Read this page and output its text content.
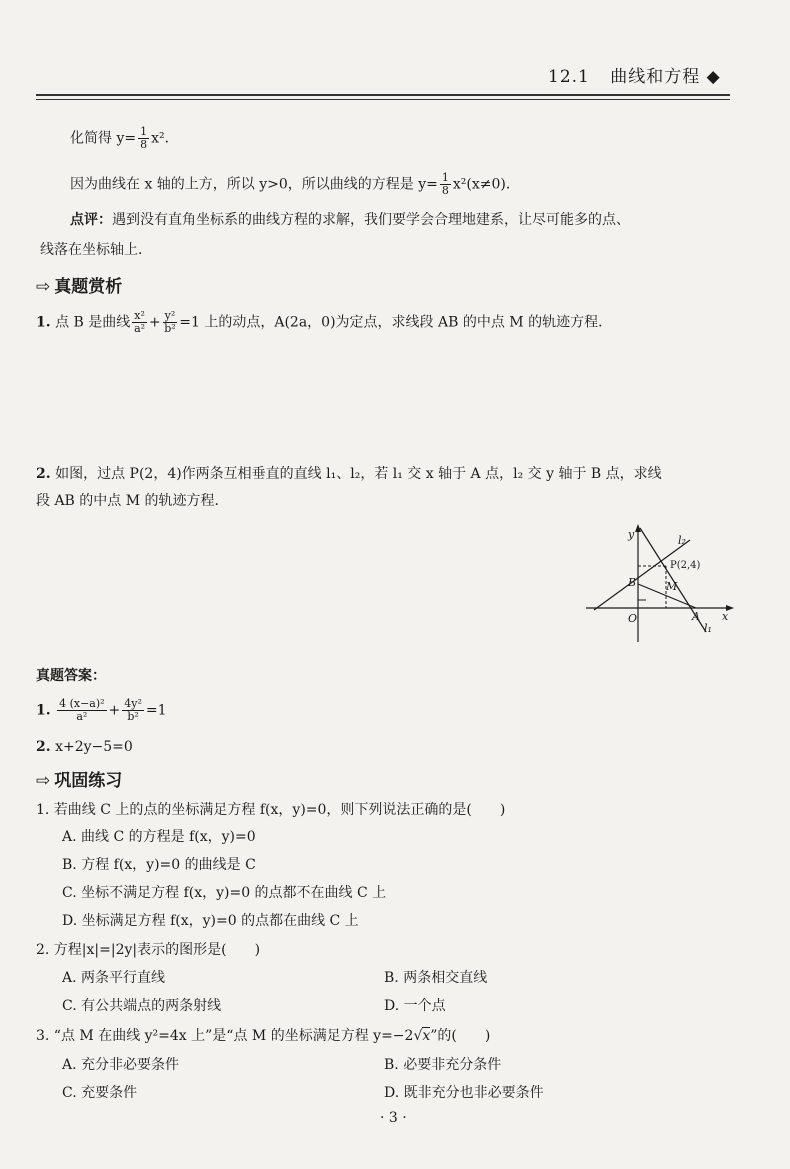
12.1 曲线和方程 ◆
化简得 $y= \frac{1}{8} x^2$．
因为曲线在 x 轴的上方，所以 y>0，所以曲线的方程是 $y= \frac{1}{8} x^2(x\ne 0)$．
点评：遇到没有直角坐标系的曲线方程的求解，我们要学会合理地建系，让尽可能多的点、
线落在坐标轴上．
⇨ 真题赏析
1. 点 B 是曲线 $\frac{\text{x²}}{\text{a²}} + \frac{\text{y²}}{\text{b²}} =1$ 上的动点，A(2a，0)为定点，求线段 AB 的中点 M 的轨迹方程．
2. 如图，过点 P(2，4)作两条互相垂直的直线 l₁、l₂，若 l₁ 交 x 轴于 A 点，l₂ 交 y 轴于 B 点，求线
段 AB 的中点 M 的轨迹方程．
y
x
O	A
B	M
P(2,4)
l₁
l₂
真题答案：
1. $\frac{\text{4 (x−a)²}}{\text{a²}} + \frac{\text{4y²}}{\text{b²}} =1$
2. x+2y−5=0
⇨ 巩固练习
1. 若曲线 C 上的点的坐标满足方程 f(x，y)=0，则下列说法正确的是(　　)
A. 曲线 C 的方程是 f(x，y)=0
B. 方程 f(x，y)=0 的曲线是 C
C. 坐标不满足方程 f(x，y)=0 的点都不在曲线 C 上
D. 坐标满足方程 f(x，y)=0 的点都在曲线 C 上
2. 方程|x|=|2y|表示的图形是(　　)
A. 两条平行直线	B. 两条相交直线
C. 有公共端点的两条射线	D. 一个点
3. “点 M 在曲线 y²=4x 上”是“点 M 的坐标满足方程 y=−2√x”的(　　)
A. 充分非必要条件	B. 必要非充分条件
C. 充要条件	D. 既非充分也非必要条件
· 3 ·
